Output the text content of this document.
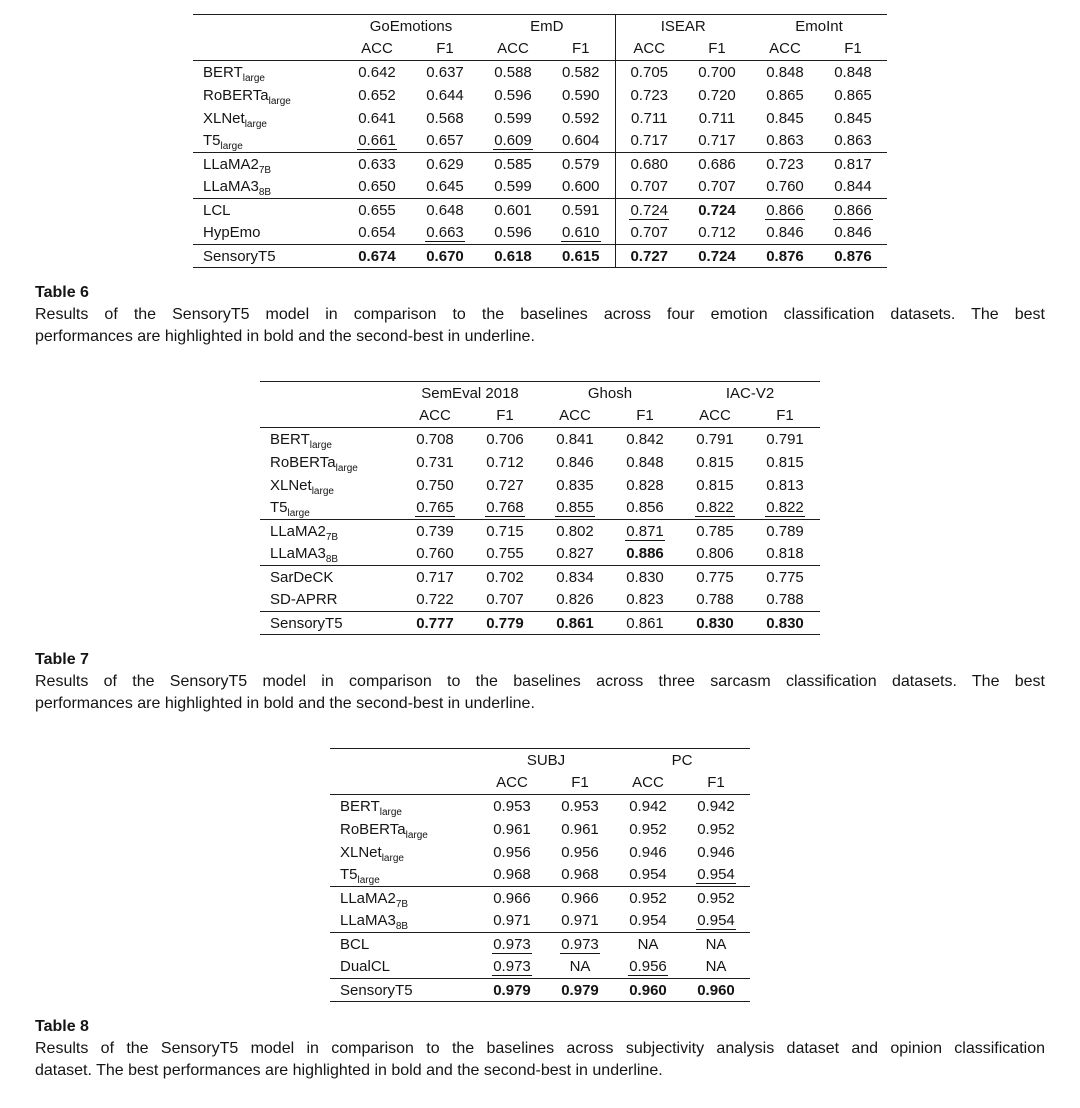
	GoEmotions		EmD		ISEAR		EmoInt	
	ACC	F1	ACC	F1	ACC	F1	ACC	F1
$BERT_{large}$	0.642	0.637	0.588	0.582	0.705	0.700	0.848	0.848
RoBERTa$_{large}$	0.652	0.644	0.596	0.590	0.723	0.720	0.865	0.865
XLNet$_{large}$	0.641	0.568	0.599	0.592	0.711	0.711	0.845	0.845
$T5_{large}$	0.661	0.657	0.609	0.604	0.717	0.717	0.863	0.863
$LLaMA2_{7B}$	0.633	0.629	0.585	0.579	0.680	0.686	0.723	0.817
$LLaMA3_{8B}$	0.650	0.645	0.599	0.600	0.707	0.707	0.760	0.844
LCL	0.655	0.648	0.601	0.591	0.724	0.724	0.866	0.866
HypEmo	0.654	0.663	0.596	0.610	0.707	0.712	0.846	0.846
SensoryT5	0.674	0.670	0.618	0.615	0.727	0.724	0.876	0.876
Table 6
Results of the SensoryT5 model in comparison to the baselines across four emotion classification datasets. The best
performances are highlighted in bold and the second-best in underline.
	SemEval 2018		Ghosh		IAC-V2	
	ACC	F1	ACC	F1	ACC	F1
$BERT_{large}$	0.708	0.706	0.841	0.842	0.791	0.791
RoBERTa$_{large}$	0.731	0.712	0.846	0.848	0.815	0.815
XLNet$_{large}$	0.750	0.727	0.835	0.828	0.815	0.813
$T5_{large}$	0.765	0.768	0.855	0.856	0.822	0.822
$LLaMA2_{7B}$	0.739	0.715	0.802	0.871	0.785	0.789
$LLaMA3_{8B}$	0.760	0.755	0.827	0.886	0.806	0.818
SarDeCK	0.717	0.702	0.834	0.830	0.775	0.775
SD-APRR	0.722	0.707	0.826	0.823	0.788	0.788
SensoryT5	0.777	0.779	0.861	0.861	0.830	0.830
Table 7
Results of the SensoryT5 model in comparison to the baselines across three sarcasm classification datasets. The best
performances are highlighted in bold and the second-best in underline.
	SUBJ		PC	
	ACC	F1	ACC	F1
$BERT_{large}$	0.953	0.953	0.942	0.942
RoBERTa$_{large}$	0.961	0.961	0.952	0.952
XLNet$_{large}$	0.956	0.956	0.946	0.946
$T5_{large}$	0.968	0.968	0.954	0.954
$LLaMA2_{7B}$	0.966	0.966	0.952	0.952
$LLaMA3_{8B}$	0.971	0.971	0.954	0.954
BCL	0.973	0.973	NA	NA
DualCL	0.973	NA	0.956	NA
SensoryT5	0.979	0.979	0.960	0.960
Table 8
Results of the SensoryT5 model in comparison to the baselines across subjectivity analysis dataset and opinion classification
dataset. The best performances are highlighted in bold and the second-best in underline.
